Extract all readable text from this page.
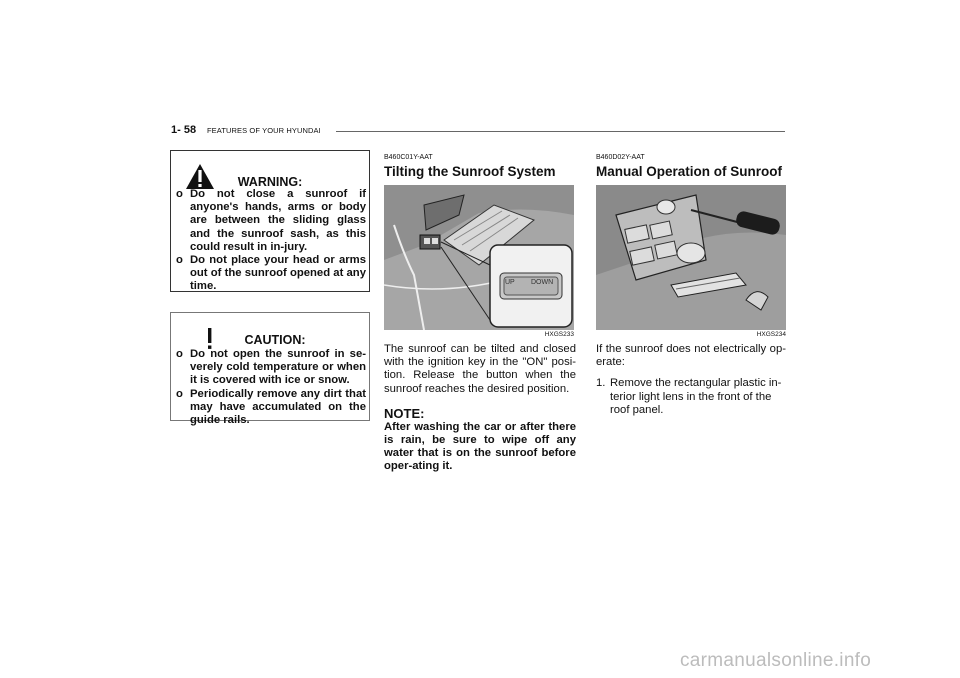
1- 58 FEATURES OF YOUR HYUNDAI
WARNING:
o Do not close a sunroof if anyone's hands, arms or body are between the sliding glass and the sunroof sash, as this could result in in-jury.
o Do not place your head or arms out of the sunroof opened at any time.
CAUTION:
o Do not open the sunroof in se-verely cold temperature or when it is covered with ice or snow.
o Periodically remove any dirt that may have accumulated on the guide rails.
B460C01Y-AAT
Tilting the Sunroof System
UP DOWN
HXGS233
The sunroof can be tilted and closed with the ignition key in the "ON" posi-tion. Release the button when the sunroof reaches the desired position.
NOTE:
After washing the car or after there is rain, be sure to wipe off any water that is on the sunroof before oper-ating it.
B460D02Y-AAT
Manual Operation of Sunroof
HXGS234
If the sunroof does not electrically op-erate:
1. Remove the rectangular plastic in-terior light lens in the front of the roof panel.
carmanualsonline.info
